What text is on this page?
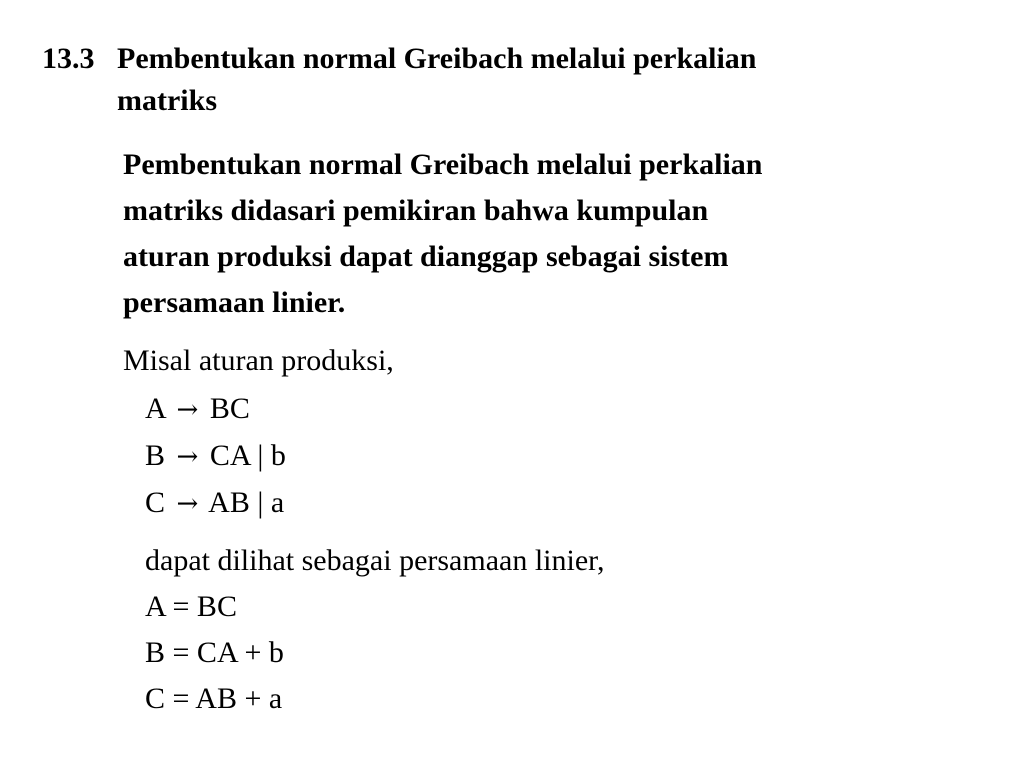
13.3 Pembentukan normal Greibach melalui perkalian
matriks
Pembentukan normal Greibach melalui perkalian
matriks didasari pemikiran bahwa kumpulan
aturan produksi dapat dianggap sebagai sistem
persamaan linier.
Misal aturan produksi,
A → BC
B → CA | b
C → AB | a
dapat dilihat sebagai persamaan linier,
A = BC
B = CA + b
C = AB + a
